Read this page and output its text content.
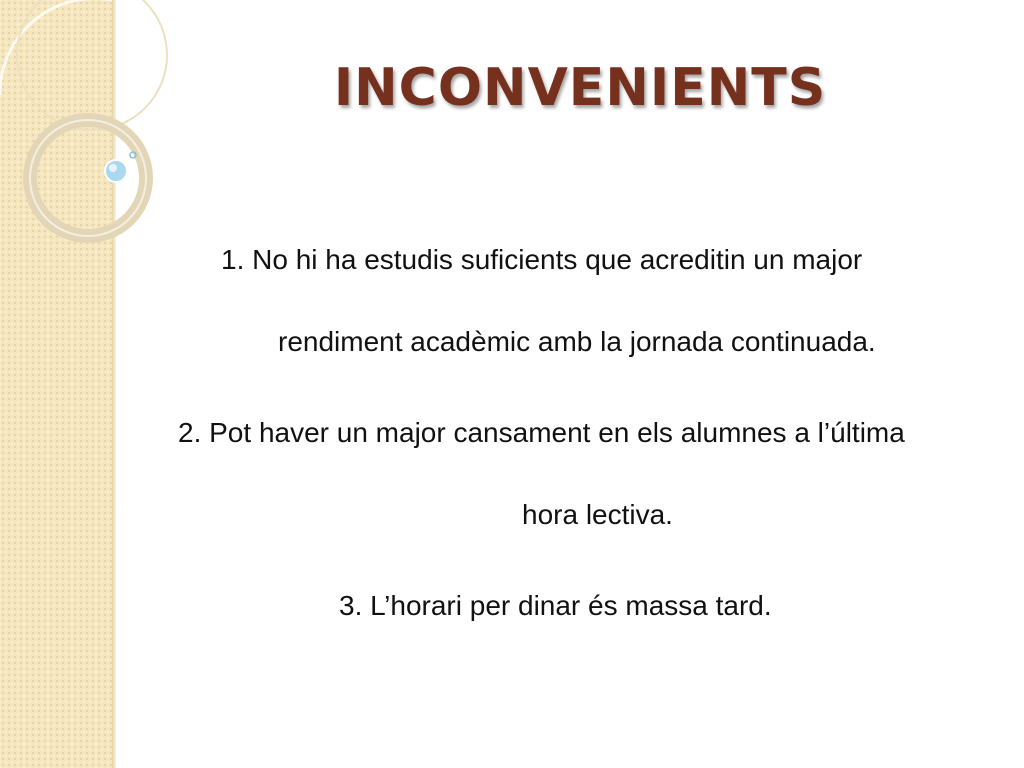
INCONVENIENTS
1. No hi ha estudis suficients que acreditin un major
rendiment acadèmic amb la jornada continuada.
2. Pot haver un major cansament en els alumnes a l’última
hora lectiva.
3. L’horari per dinar és massa tard.
